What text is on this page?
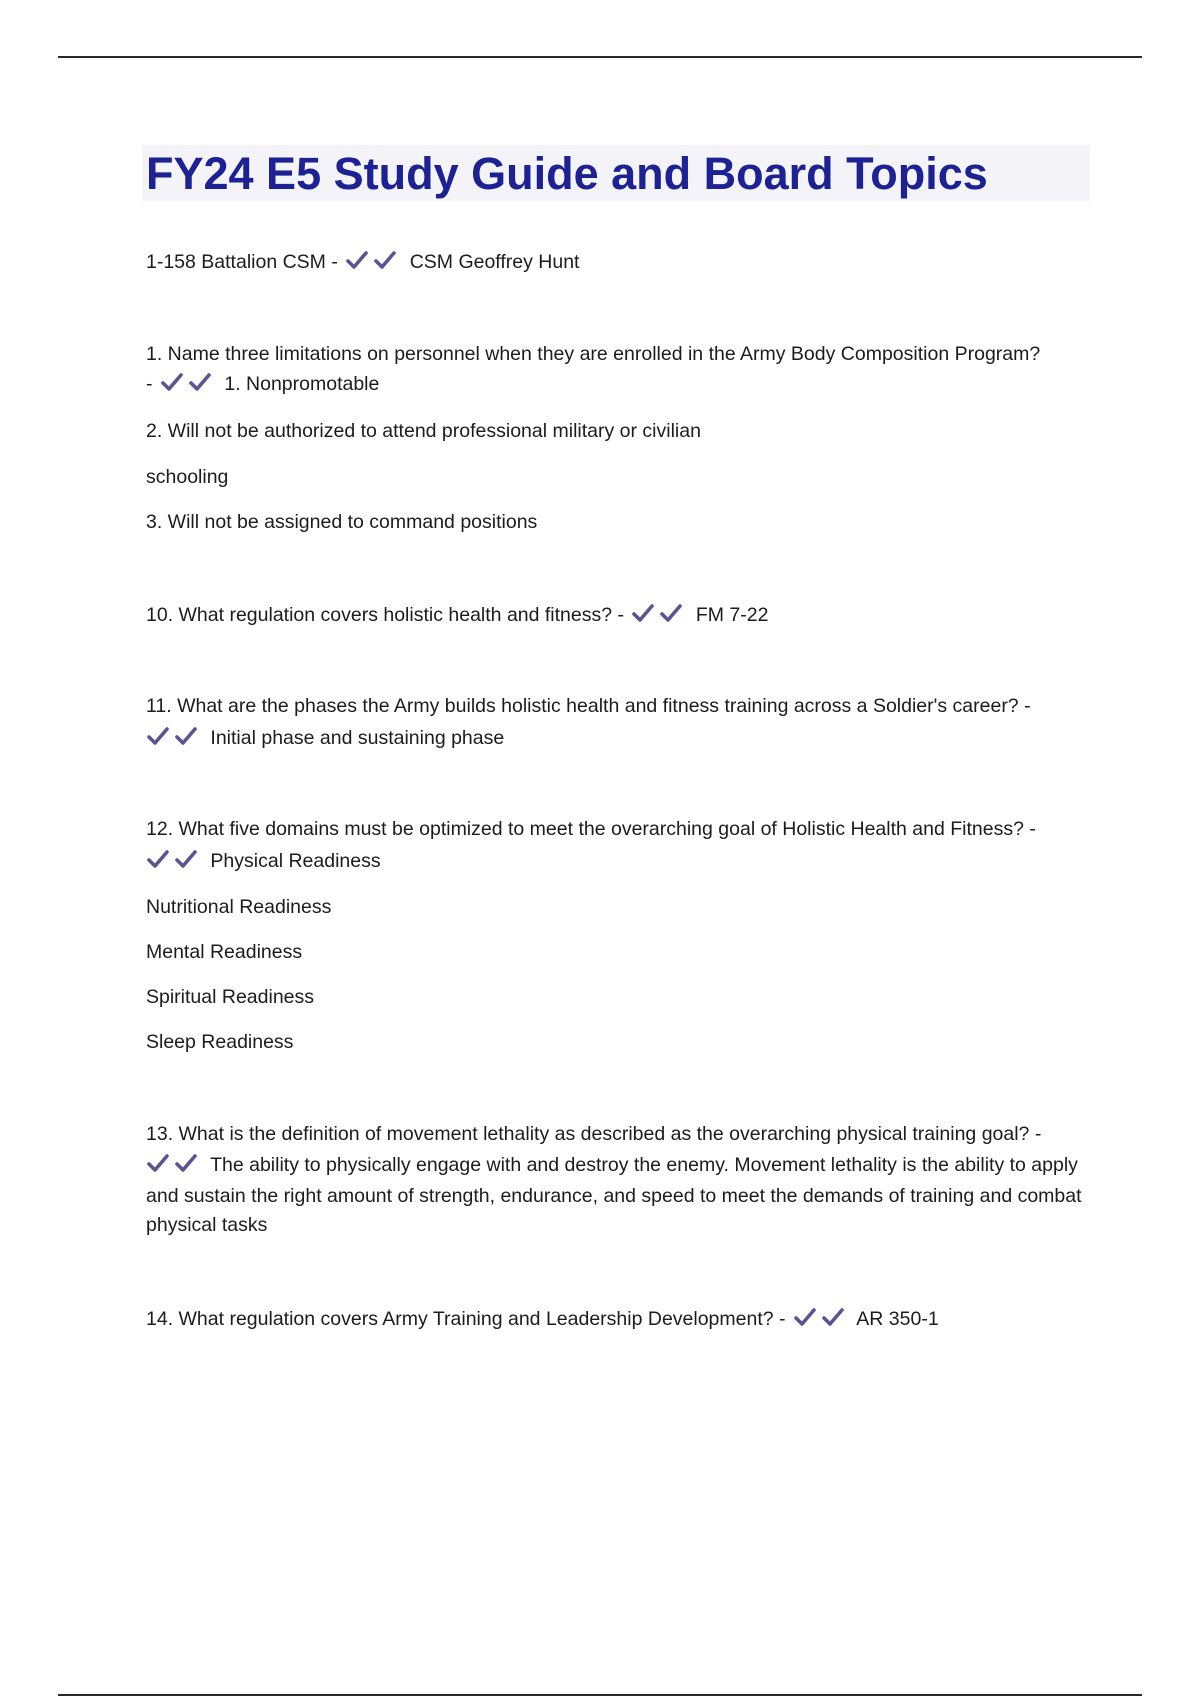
FY24 E5 Study Guide and Board Topics
1-158 Battalion CSM -	CSM Geoffrey Hunt
1. Name three limitations on personnel when they are enrolled in the Army Body Composition Program?
-	1. Nonpromotable
2. Will not be authorized to attend professional military or civilian
schooling
3. Will not be assigned to command positions
10. What regulation covers holistic health and fitness? -	FM 7-22
11. What are the phases the Army builds holistic health and fitness training across a Soldier's career? -
Initial phase and sustaining phase
12. What five domains must be optimized to meet the overarching goal of Holistic Health and Fitness? -
Physical Readiness
Nutritional Readiness
Mental Readiness
Spiritual Readiness
Sleep Readiness
13. What is the definition of movement lethality as described as the overarching physical training goal? -
The ability to physically engage with and destroy the enemy. Movement lethality is the ability to apply and sustain the right amount of strength, endurance, and speed to meet the demands of training and combat physical tasks
14. What regulation covers Army Training and Leadership Development? -	AR 350-1
